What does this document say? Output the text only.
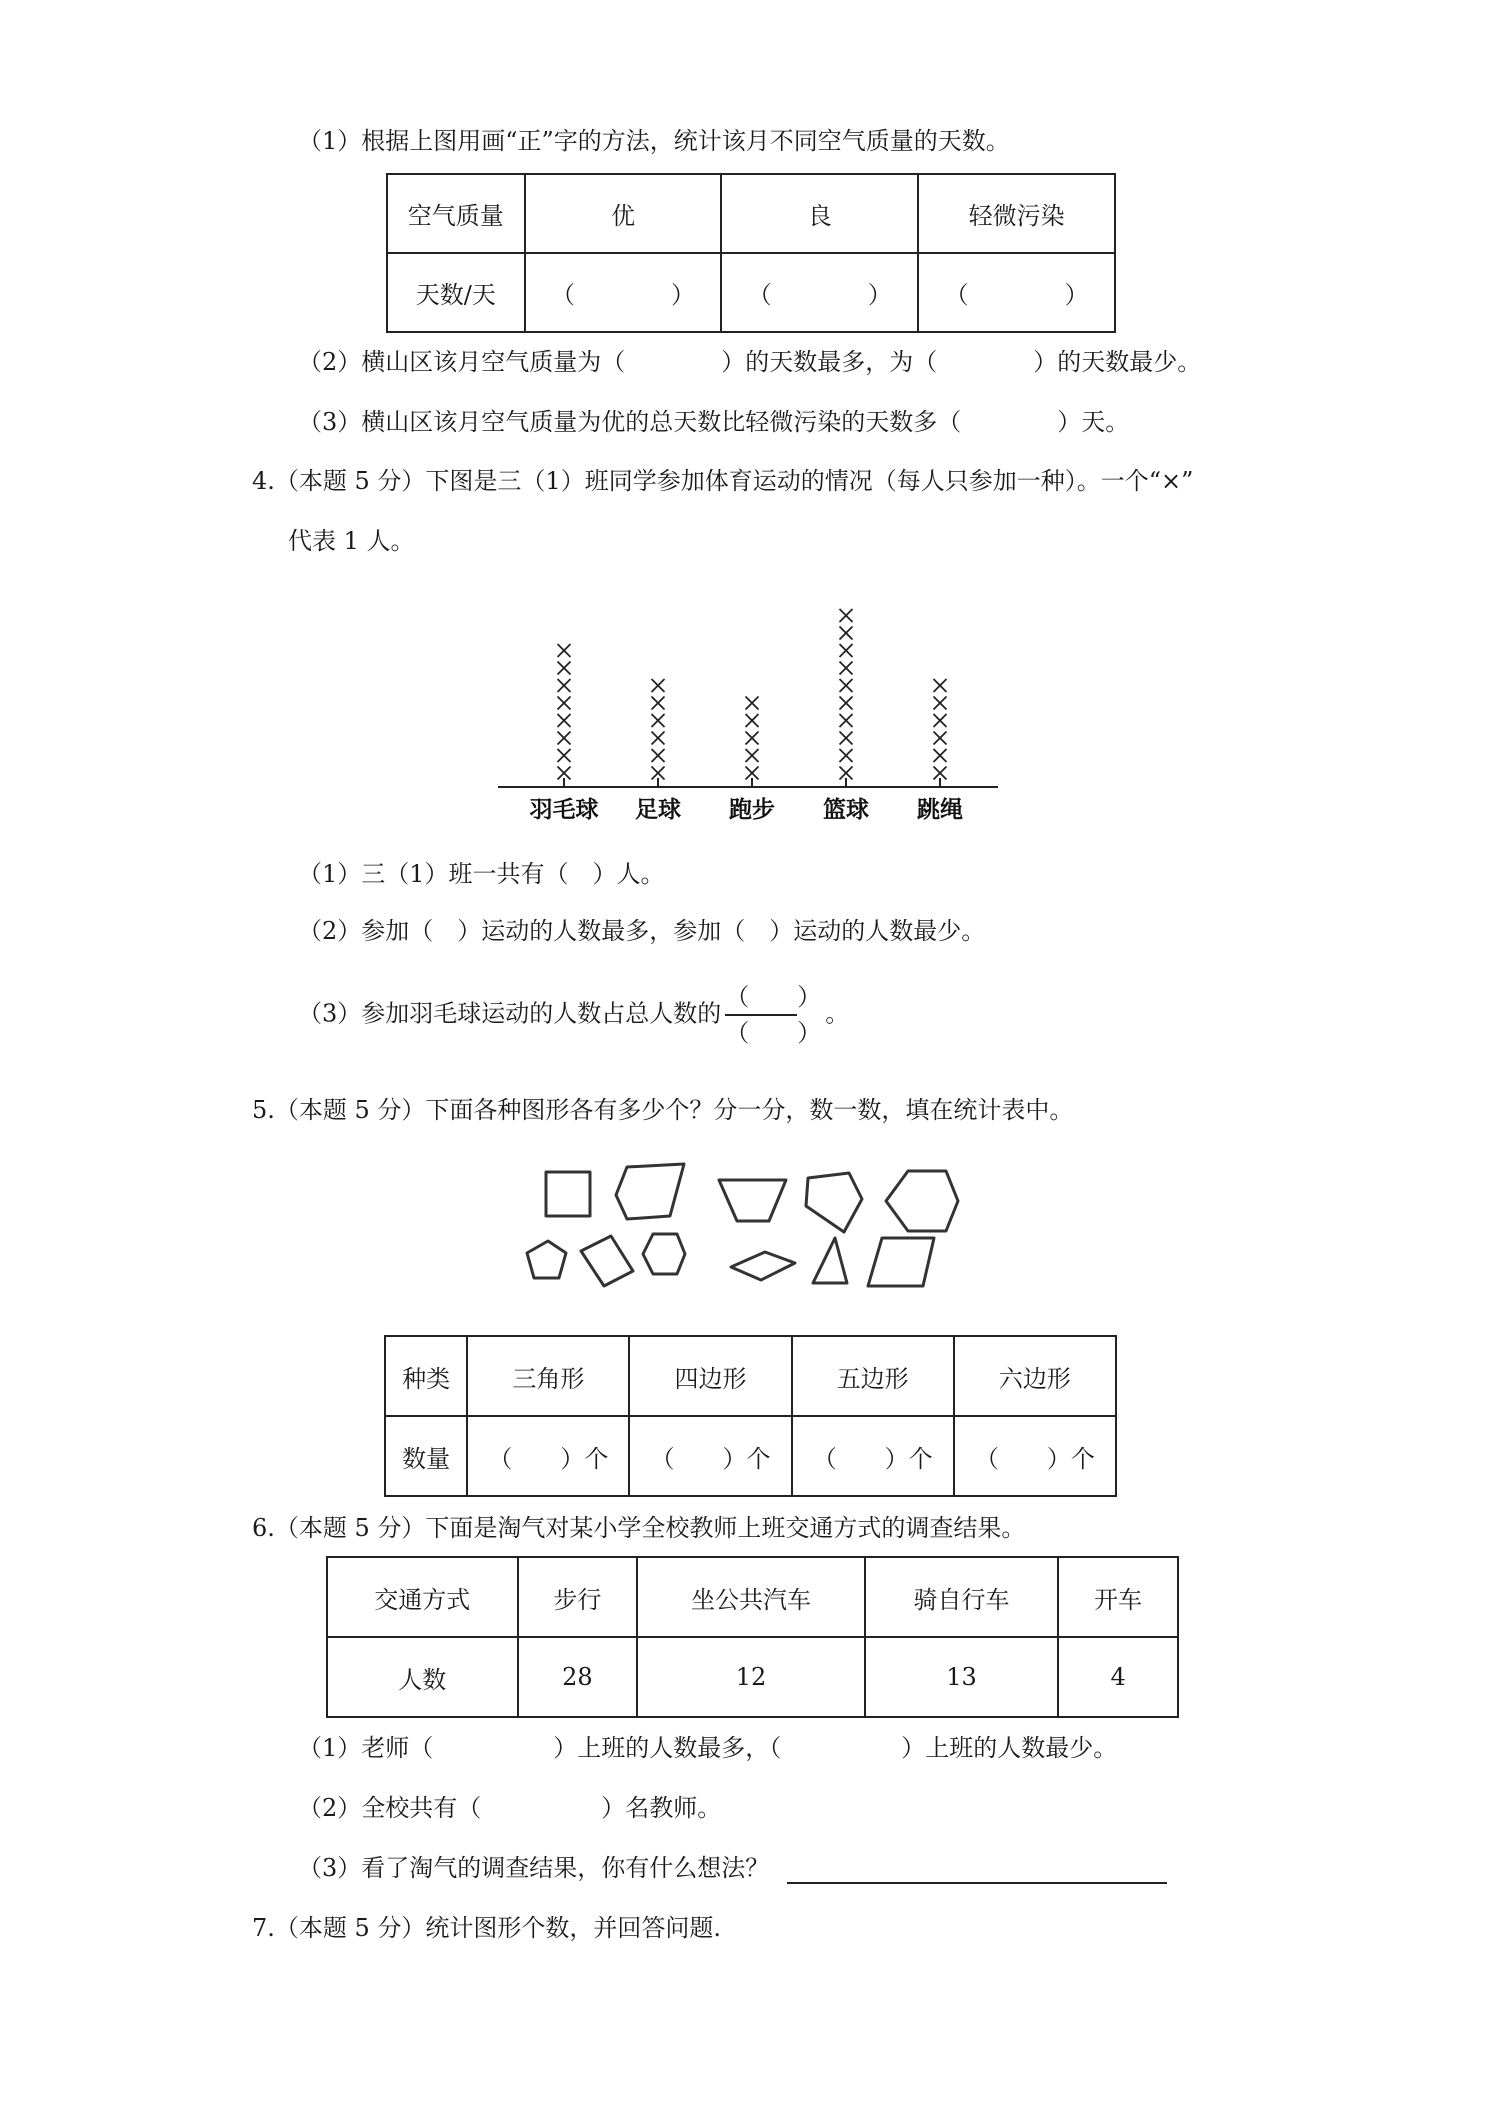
（1）根据上图用画“正”字的方法，统计该月不同空气质量的天数。
空气质量	优	良	轻微污染
天数/天	（　　　　）	（　　　　）	（　　　　）
（2）横山区该月空气质量为（　　　　）的天数最多，为（　　　　）的天数最少。
（3）横山区该月空气质量为优的总天数比轻微污染的天数多（　　　　）天。
4.（本题 5 分）下图是三（1）班同学参加体育运动的情况（每人只参加一种）。一个“×”
代表 1 人。
羽毛球 足球 跑步 篮球 跳绳
（1）三（1）班一共有（　）人。
（2）参加（　）运动的人数最多，参加（　）运动的人数最少。
（3）参加羽毛球运动的人数占总人数的 $\frac{( )}{( )}$ 。
5.（本题 5 分）下面各种图形各有多少个？分一分，数一数，填在统计表中。
种类	三角形	四边形	五边形	六边形
数量	（　　）个	（　　）个	（　　）个	（　　）个
6.（本题 5 分）下面是淘气对某小学全校教师上班交通方式的调查结果。
交通方式	步行	坐公共汽车	骑自行车	开车
人数	28	12	13	4
（1）老师（　　　　　）上班的人数最多，（　　　　　）上班的人数最少。
（2）全校共有（　　　　　）名教师。
（3）看了淘气的调查结果，你有什么想法？
7.（本题 5 分）统计图形个数，并回答问题.
